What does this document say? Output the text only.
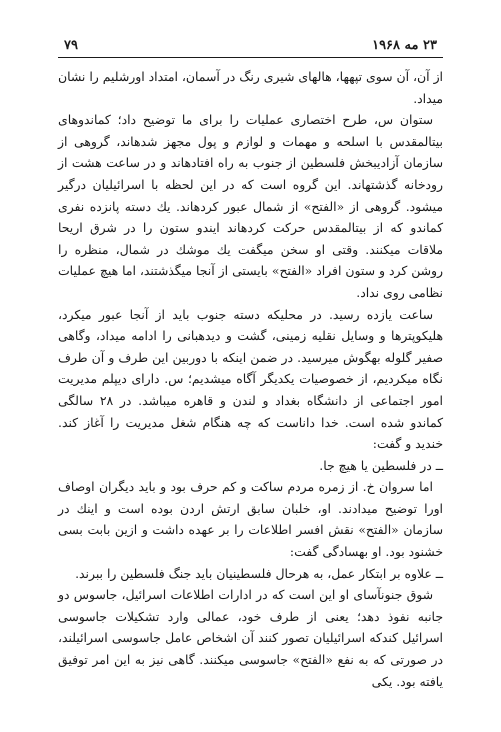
۲۳ مه ۱۹۶۸
۷۹

از آن، آن سوی تپهها، هالهای شیری رنگ در آسمان، امتداد اورشلیم را نشان میداد.

ستوان س، طرح اختصاری عملیات را برای ما توضیح داد؛ کماندوهای بیتالمقدس با اسلحه و مهمات و لوازم و پول مجهز شدهاند، گروهی از سازمان آزادیبخش فلسطین از جنوب به راه افتادهاند و در ساعت هشت از رودخانه گذشتهاند. این گروه است که در این لحظه با اسرائیلیان درگیر میشود. گروهی از «الفتح» از شمال عبور کردهاند. یك دسته پانزده نفری کماندو که از بیتالمقدس حرکت کردهاند ایندو ستون را در شرق اریحا ملاقات میکنند. وقتی او سخن میگفت یك موشك در شمال، منظره را روشن کرد و ستون افراد «الفتح» بایستی از آنجا میگذشتند، اما هیچ عملیات نظامی روی نداد.

ساعت یازده رسید. در محلیکه دسته جنوب باید از آنجا عبور میکرد، هلیکوپترها و وسایل نقلیه زمینی، گشت و دیدهبانی را ادامه میداد، وگاهی صفیر گلوله بهگوش میرسید. در ضمن اینکه با دوربین این طرف و آن طرف نگاه میکردیم، از خصوصیات یکدیگر آگاه میشدیم؛ س. دارای دیپلم مدیریت امور اجتماعی از دانشگاه بغداد و لندن و قاهره میباشد. در ۲۸ سالگی کماندو شده است. خدا داناست که چه هنگام شغل مدیریت را آغاز کند. خندید و گفت:

ــ در فلسطین یا هیچ جا.

اما سروان خ. از زمره مردم ساکت و کم حرف بود و باید دیگران اوصاف اورا توضیح میدادند. او، خلبان سابق ارتش اردن بوده است و اینك در سازمان «الفتح» نقش افسر اطلاعات را بر عهده داشت و ازین بابت بسی خشنود بود. او بهسادگی گفت:

ــ علاوه بر ابتکار عمل، به هرحال فلسطینیان باید جنگ فلسطین را ببرند.

شوق جنونآسای او این است که در ادارات اطلاعات اسرائیل، جاسوس دو جانبه نفوذ دهد؛ یعنی از طرف خود، عمالی وارد تشکیلات جاسوسی اسرائیل کندکه اسرائیلیان تصور کنند آن اشخاص عامل جاسوسی اسرائیلند، در صورتی که به نفع «الفتح» جاسوسی میکنند. گاهی نیز به این امر توفیق یافته بود. یکی
